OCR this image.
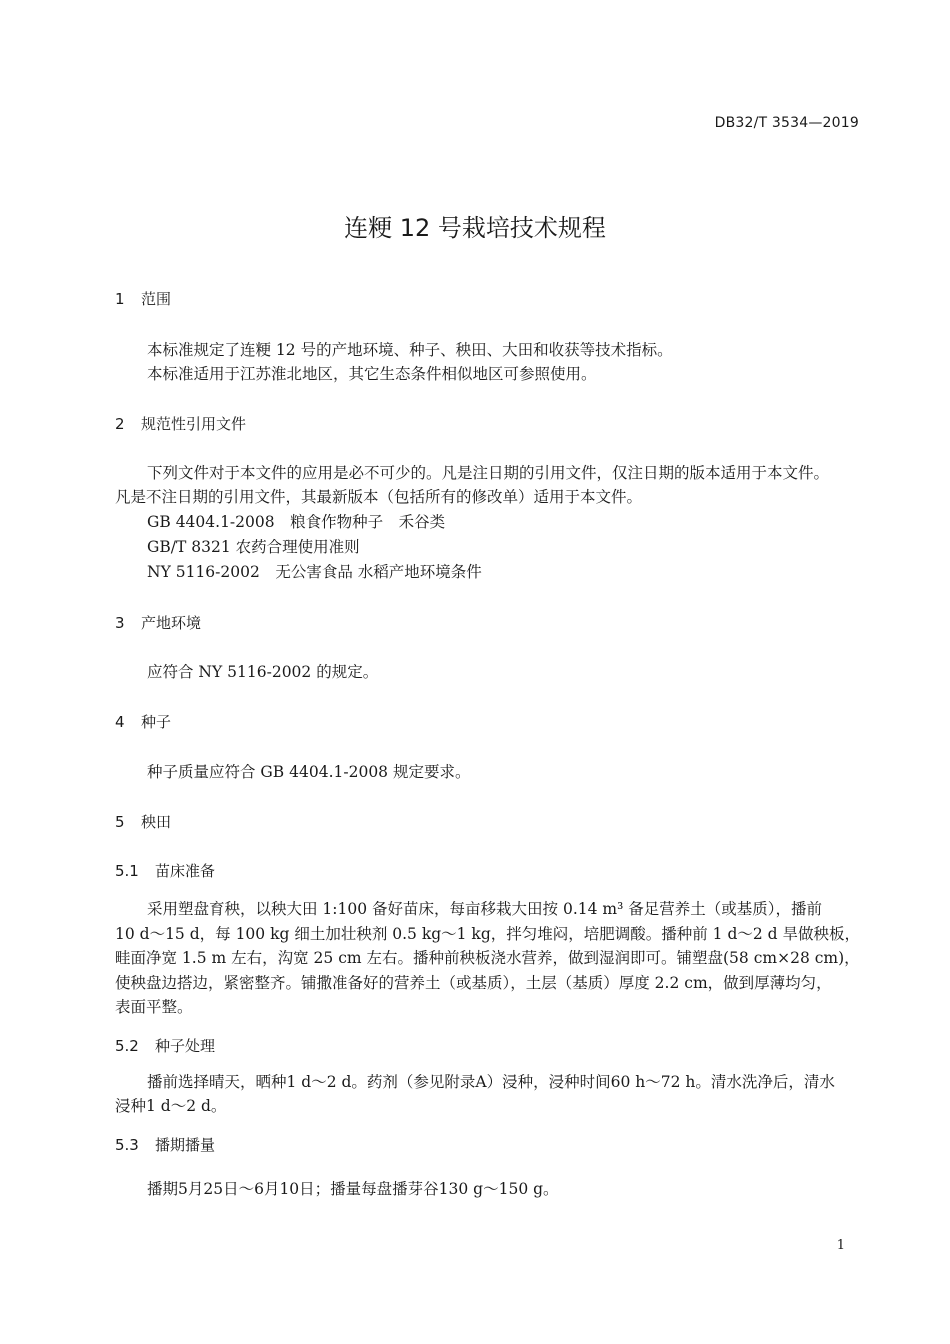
DB32/T 3534—2019
连粳 12 号栽培技术规程
1 范围
本标准规定了连粳 12 号的产地环境、种子、秧田、大田和收获等技术指标。
本标准适用于江苏淮北地区，其它生态条件相似地区可参照使用。
2 规范性引用文件
下列文件对于本文件的应用是必不可少的。凡是注日期的引用文件，仅注日期的版本适用于本文件。
凡是不注日期的引用文件，其最新版本（包括所有的修改单）适用于本文件。
GB 4404.1-2008　粮食作物种子　禾谷类
GB/T 8321 农药合理使用准则
NY 5116-2002　无公害食品 水稻产地环境条件
3 产地环境
应符合 NY 5116-2002 的规定。
4 种子
种子质量应符合 GB 4404.1-2008 规定要求。
5 秧田
5.1 苗床准备
采用塑盘育秧，以秧大田 1:100 备好苗床，每亩移栽大田按 0.14 m³ 备足营养土（或基质），播前
10 d～15 d，每 100 kg 细土加壮秧剂 0.5 kg～1 kg，拌匀堆闷，培肥调酸。播种前 1 d～2 d 旱做秧板，
畦面净宽 1.5 m 左右，沟宽 25 cm 左右。播种前秧板浇水营养，做到湿润即可。铺塑盘(58 cm×28 cm)，
使秧盘边搭边，紧密整齐。铺撒准备好的营养土（或基质），土层（基质）厚度 2.2 cm，做到厚薄均匀，
表面平整。
5.2 种子处理
播前选择晴天，晒种1 d～2 d。药剂（参见附录A）浸种，浸种时间60 h～72 h。清水洗净后，清水
浸种1 d～2 d。
5.3 播期播量
播期5月25日～6月10日；播量每盘播芽谷130 g～150 g。
1
